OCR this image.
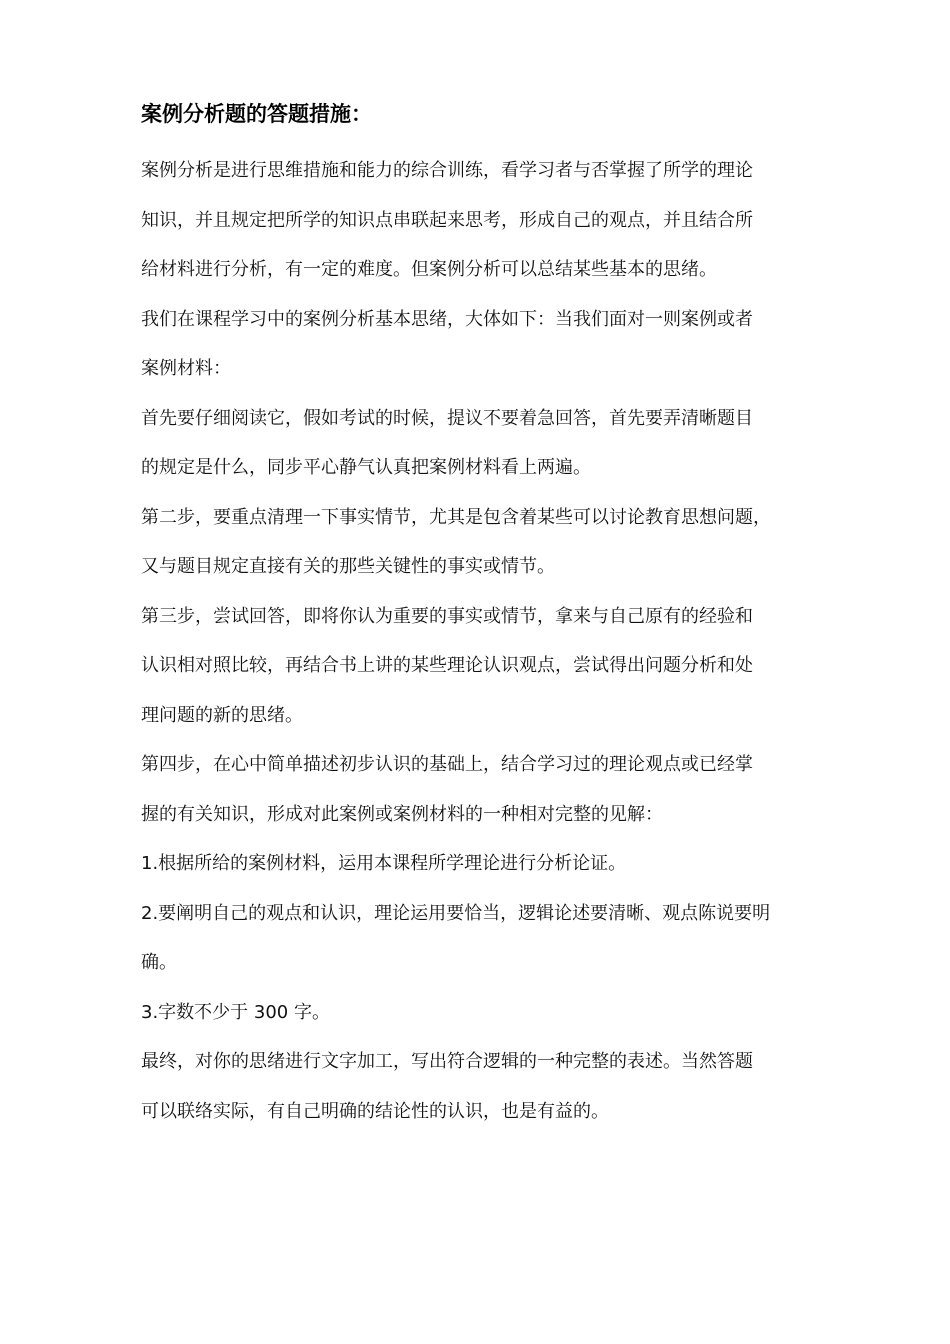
案例分析题的答题措施：

案例分析是进行思维措施和能力的综合训练，看学习者与否掌握了所学的理论

知识，并且规定把所学的知识点串联起来思考，形成自己的观点，并且结合所

给材料进行分析，有一定的难度。但案例分析可以总结某些基本的思绪。

我们在课程学习中的案例分析基本思绪，大体如下：当我们面对一则案例或者

案例材料：

首先要仔细阅读它，假如考试的时候，提议不要着急回答，首先要弄清晰题目

的规定是什么，同步平心静气认真把案例材料看上两遍。

第二步，要重点清理一下事实情节，尤其是包含着某些可以讨论教育思想问题，

又与题目规定直接有关的那些关键性的事实或情节。

第三步，尝试回答，即将你认为重要的事实或情节，拿来与自己原有的经验和

认识相对照比较，再结合书上讲的某些理论认识观点，尝试得出问题分析和处

理问题的新的思绪。

第四步，在心中简单描述初步认识的基础上，结合学习过的理论观点或已经掌

握的有关知识，形成对此案例或案例材料的一种相对完整的见解：

1.根据所给的案例材料，运用本课程所学理论进行分析论证。

2.要阐明自己的观点和认识，理论运用要恰当，逻辑论述要清晰、观点陈说要明

确。

3.字数不少于 300 字。

最终，对你的思绪进行文字加工，写出符合逻辑的一种完整的表述。当然答题

可以联络实际，有自己明确的结论性的认识，也是有益的。
